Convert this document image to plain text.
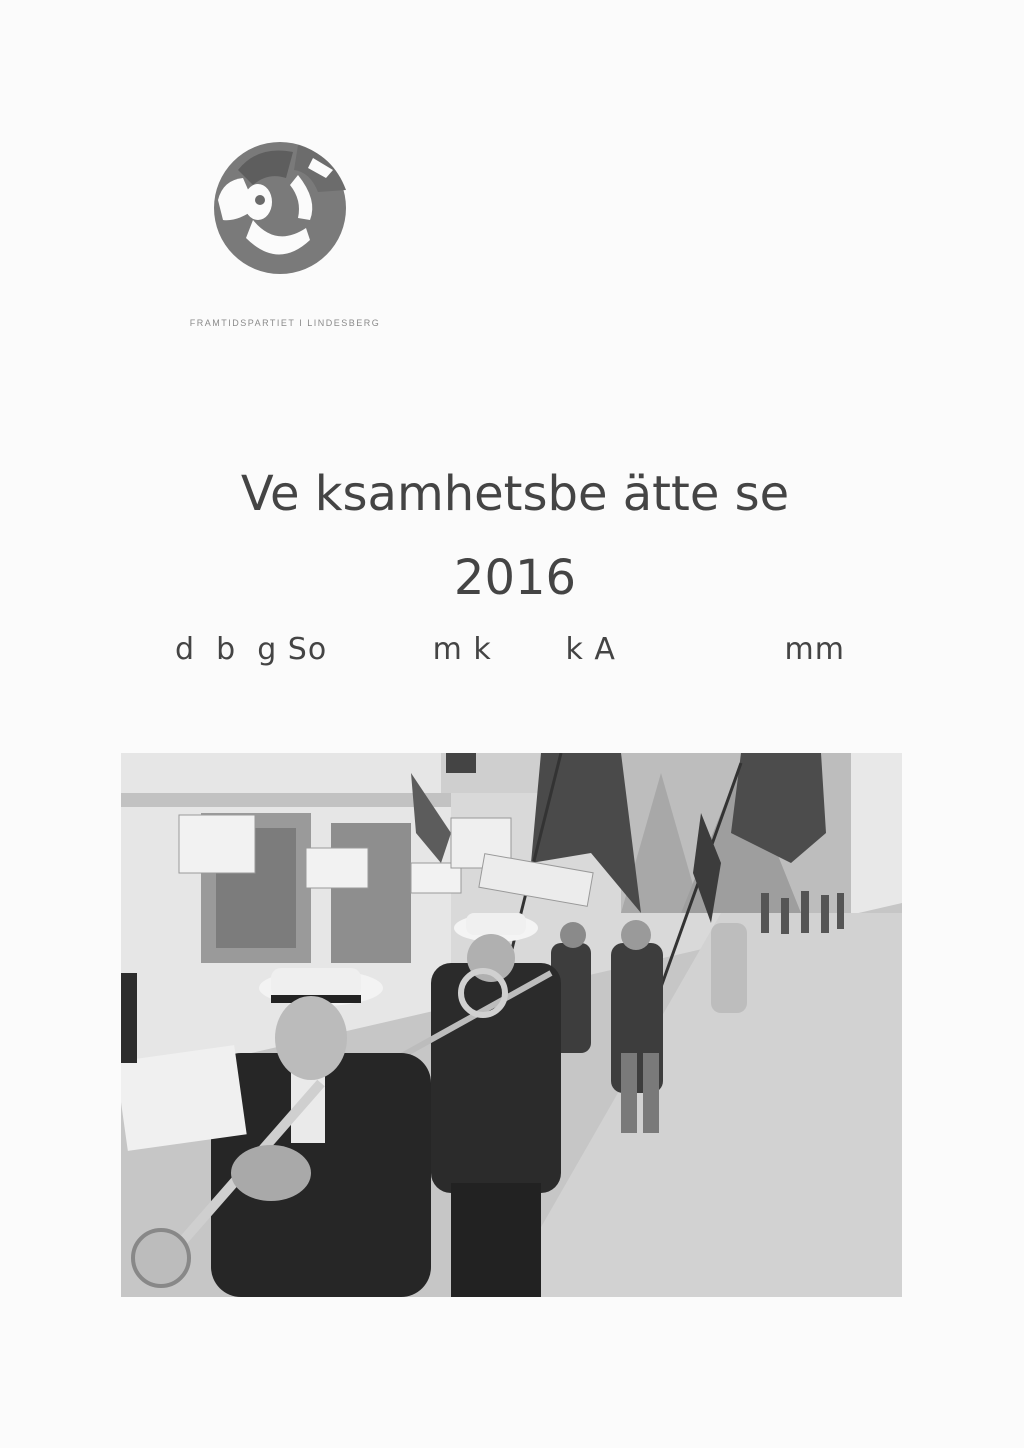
FRAMTIDSPARTIET I LINDESBERG
Ve ksamhetsbe ätte se
2016
d  b  g So          m k       k A                mm
